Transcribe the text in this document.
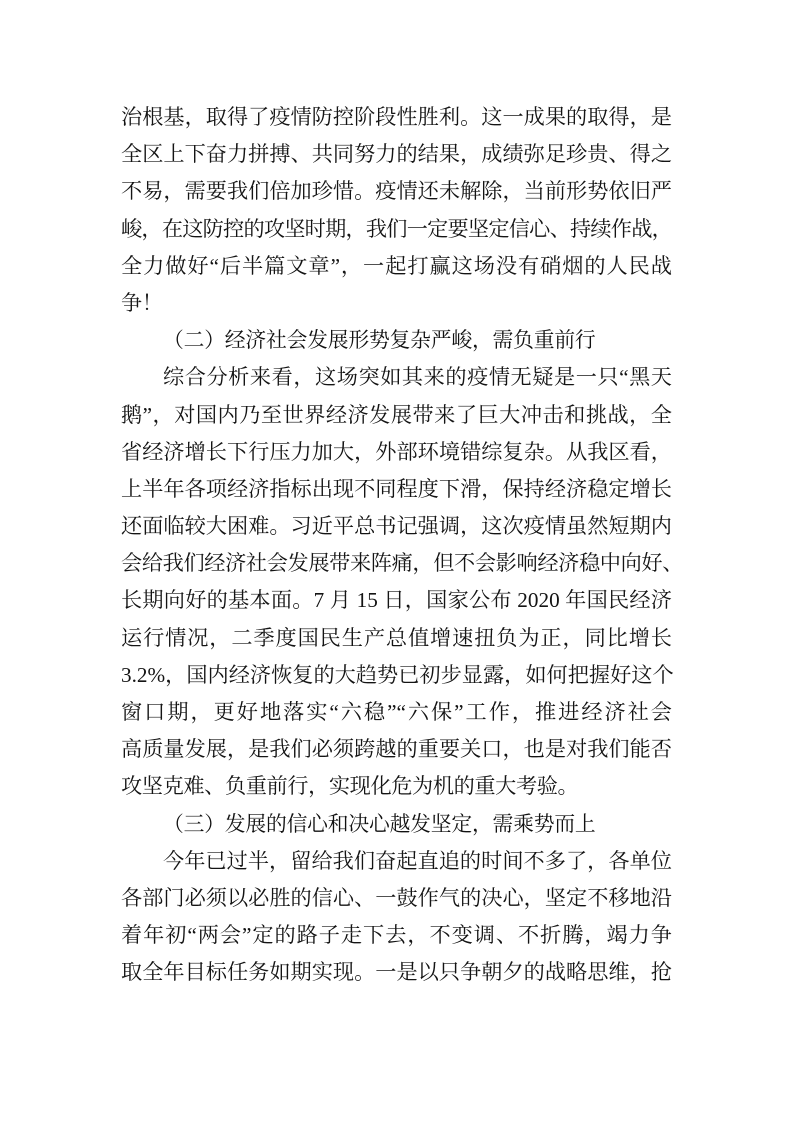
治根基，取得了疫情防控阶段性胜利。这一成果的取得，是
全区上下奋力拼搏、共同努力的结果，成绩弥足珍贵、得之
不易，需要我们倍加珍惜。疫情还未解除，当前形势依旧严
峻，在这防控的攻坚时期，我们一定要坚定信心、持续作战，
全力做好“后半篇文章”，一起打赢这场没有硝烟的人民战
争！
（二）经济社会发展形势复杂严峻，需负重前行
综合分析来看，这场突如其来的疫情无疑是一只“黑天
鹅”，对国内乃至世界经济发展带来了巨大冲击和挑战，全
省经济增长下行压力加大，外部环境错综复杂。从我区看，
上半年各项经济指标出现不同程度下滑，保持经济稳定增长
还面临较大困难。习近平总书记强调，这次疫情虽然短期内
会给我们经济社会发展带来阵痛，但不会影响经济稳中向好、
长期向好的基本面。7 月 15 日，国家公布 2020 年国民经济
运行情况，二季度国民生产总值增速扭负为正，同比增长
3.2%，国内经济恢复的大趋势已初步显露，如何把握好这个
窗口期，更好地落实“六稳”“六保”工作，推进经济社会
高质量发展，是我们必须跨越的重要关口，也是对我们能否
攻坚克难、负重前行，实现化危为机的重大考验。
（三）发展的信心和决心越发坚定，需乘势而上
今年已过半，留给我们奋起直追的时间不多了，各单位
各部门必须以必胜的信心、一鼓作气的决心，坚定不移地沿
着年初“两会”定的路子走下去，不变调、不折腾，竭力争
取全年目标任务如期实现。一是以只争朝夕的战略思维，抢
